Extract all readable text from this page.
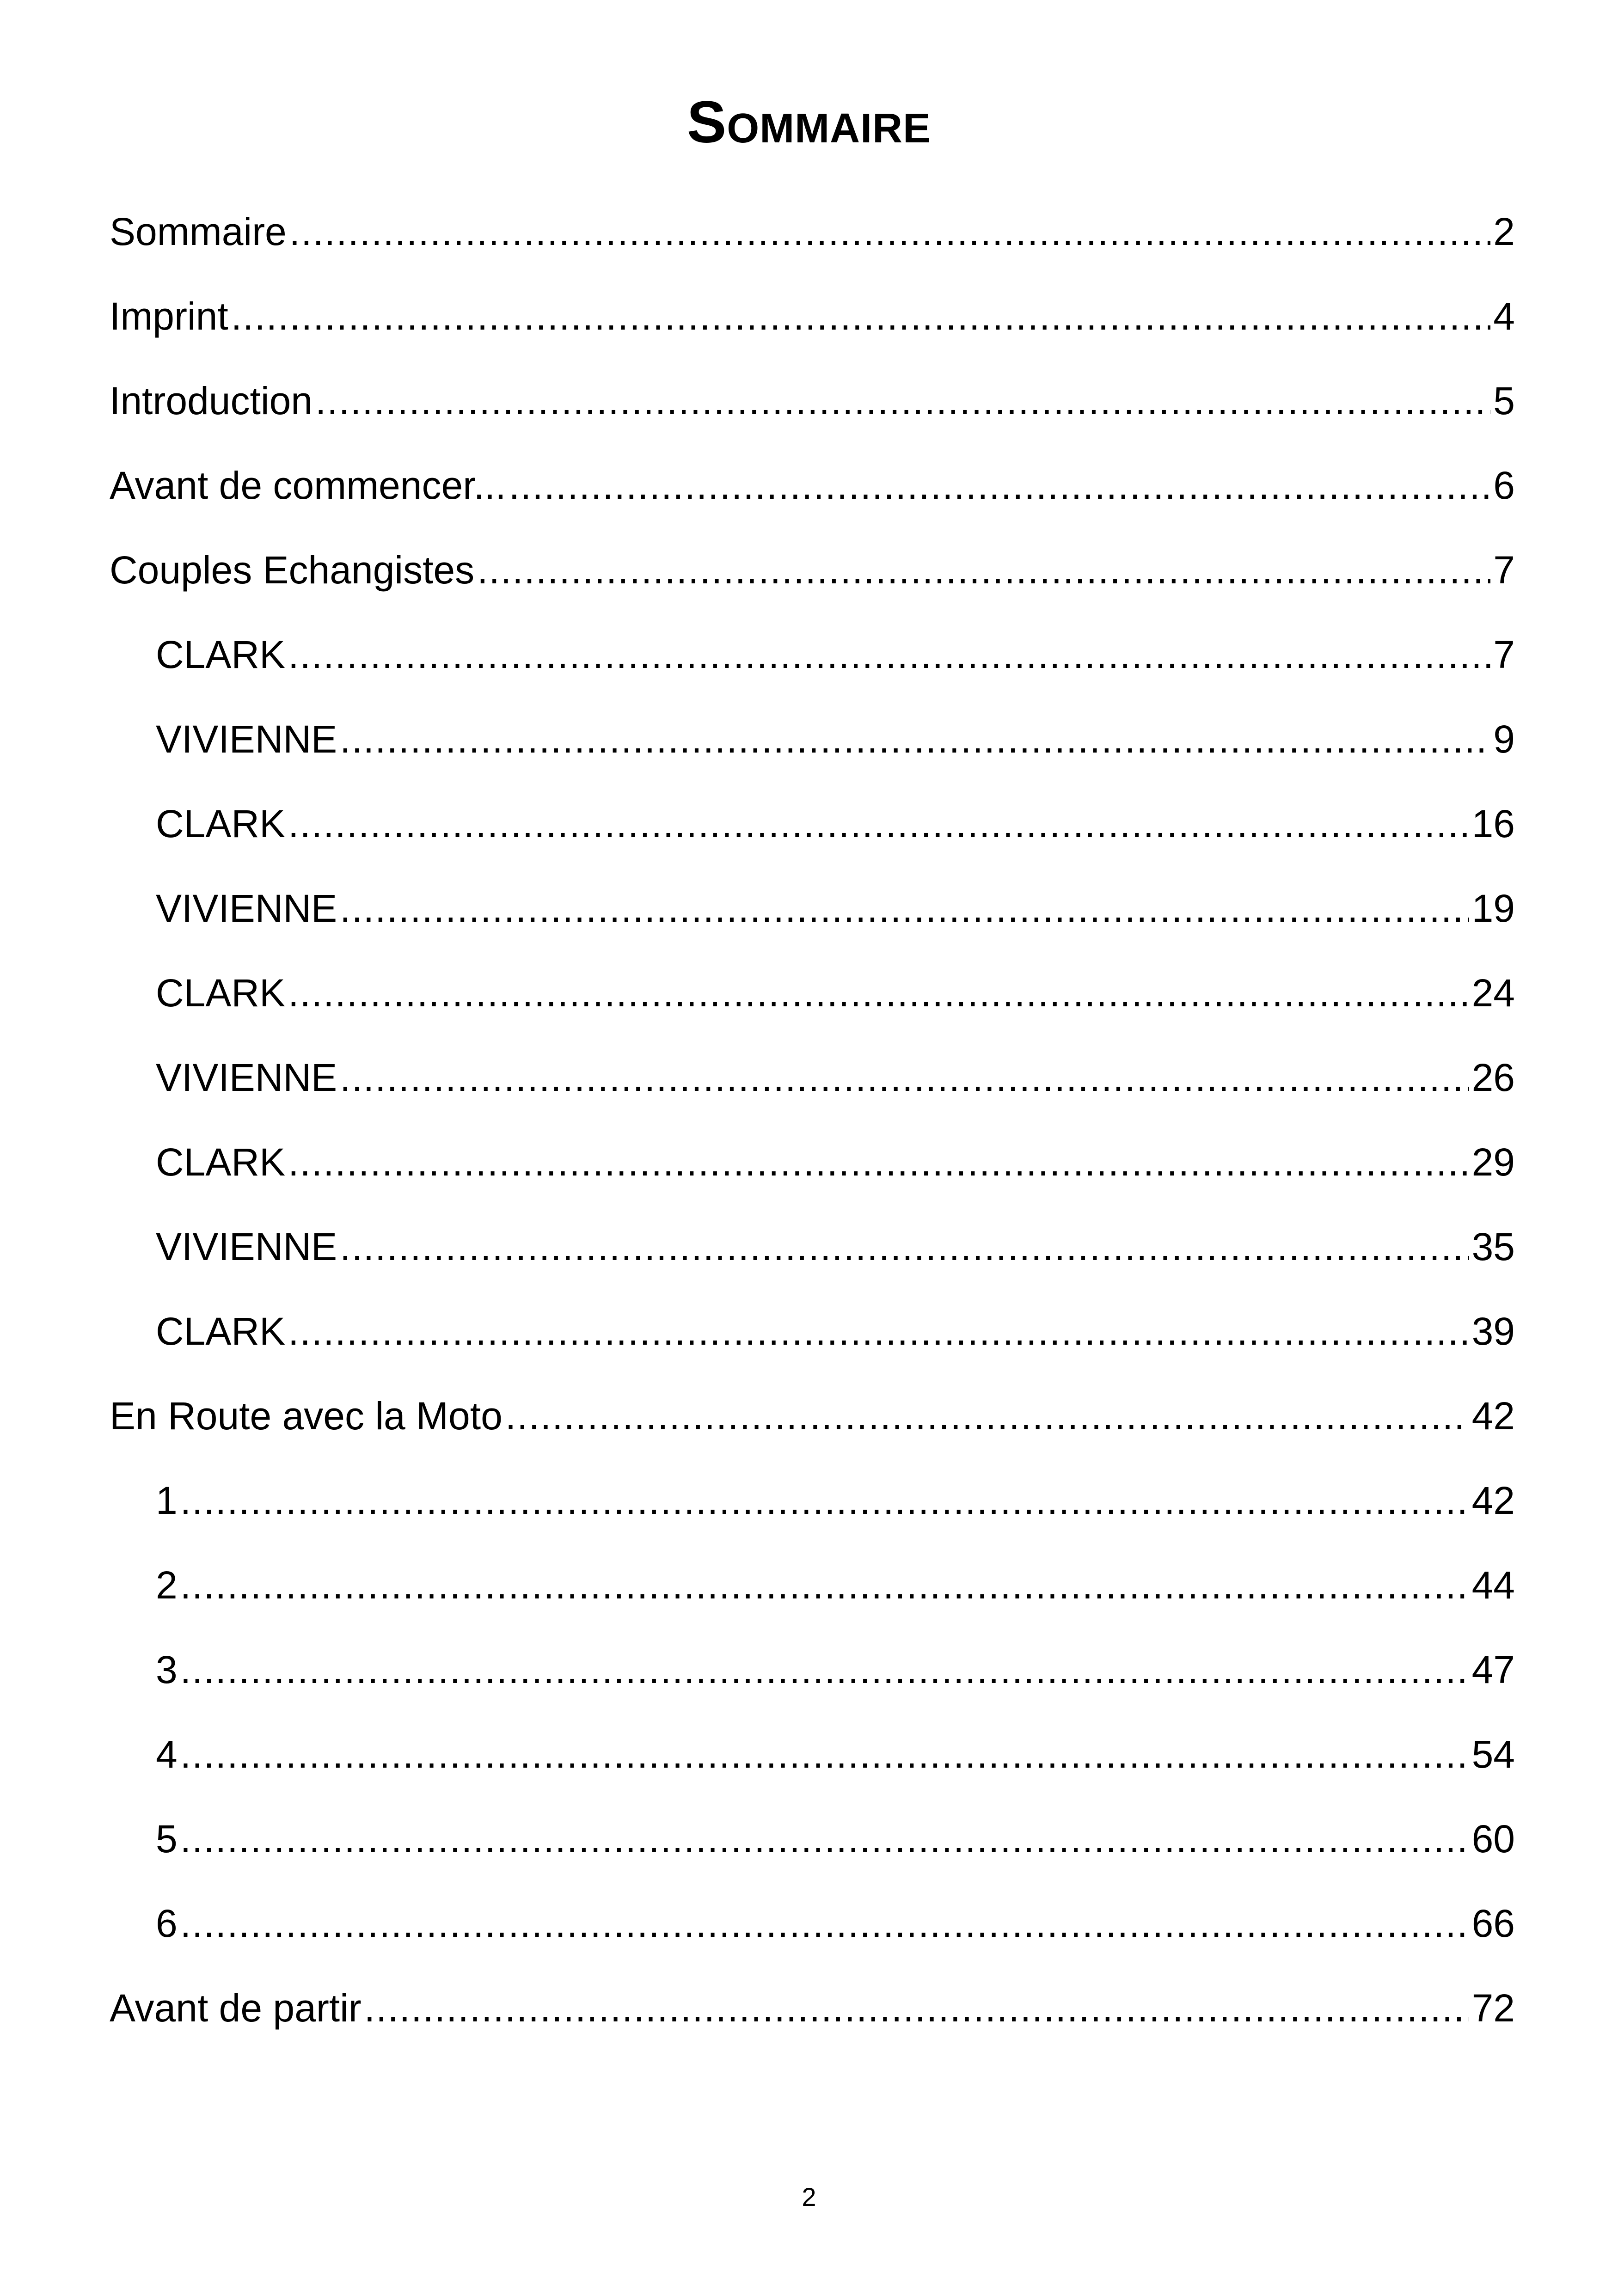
Sommaire
Sommaire .....	2
Imprint .....	4
Introduction .....	5
Avant de commencer... .....	6
Couples Echangistes .....	7
CLARK .....	7
VIVIENNE .....	9
CLARK .....	16
VIVIENNE .....	19
CLARK .....	24
VIVIENNE .....	26
CLARK .....	29
VIVIENNE .....	35
CLARK .....	39
En Route avec la Moto .....	42
1 .....	42
2 .....	44
3 .....	47
4 .....	54
5 .....	60
6 .....	66
Avant de partir .....	72
2
